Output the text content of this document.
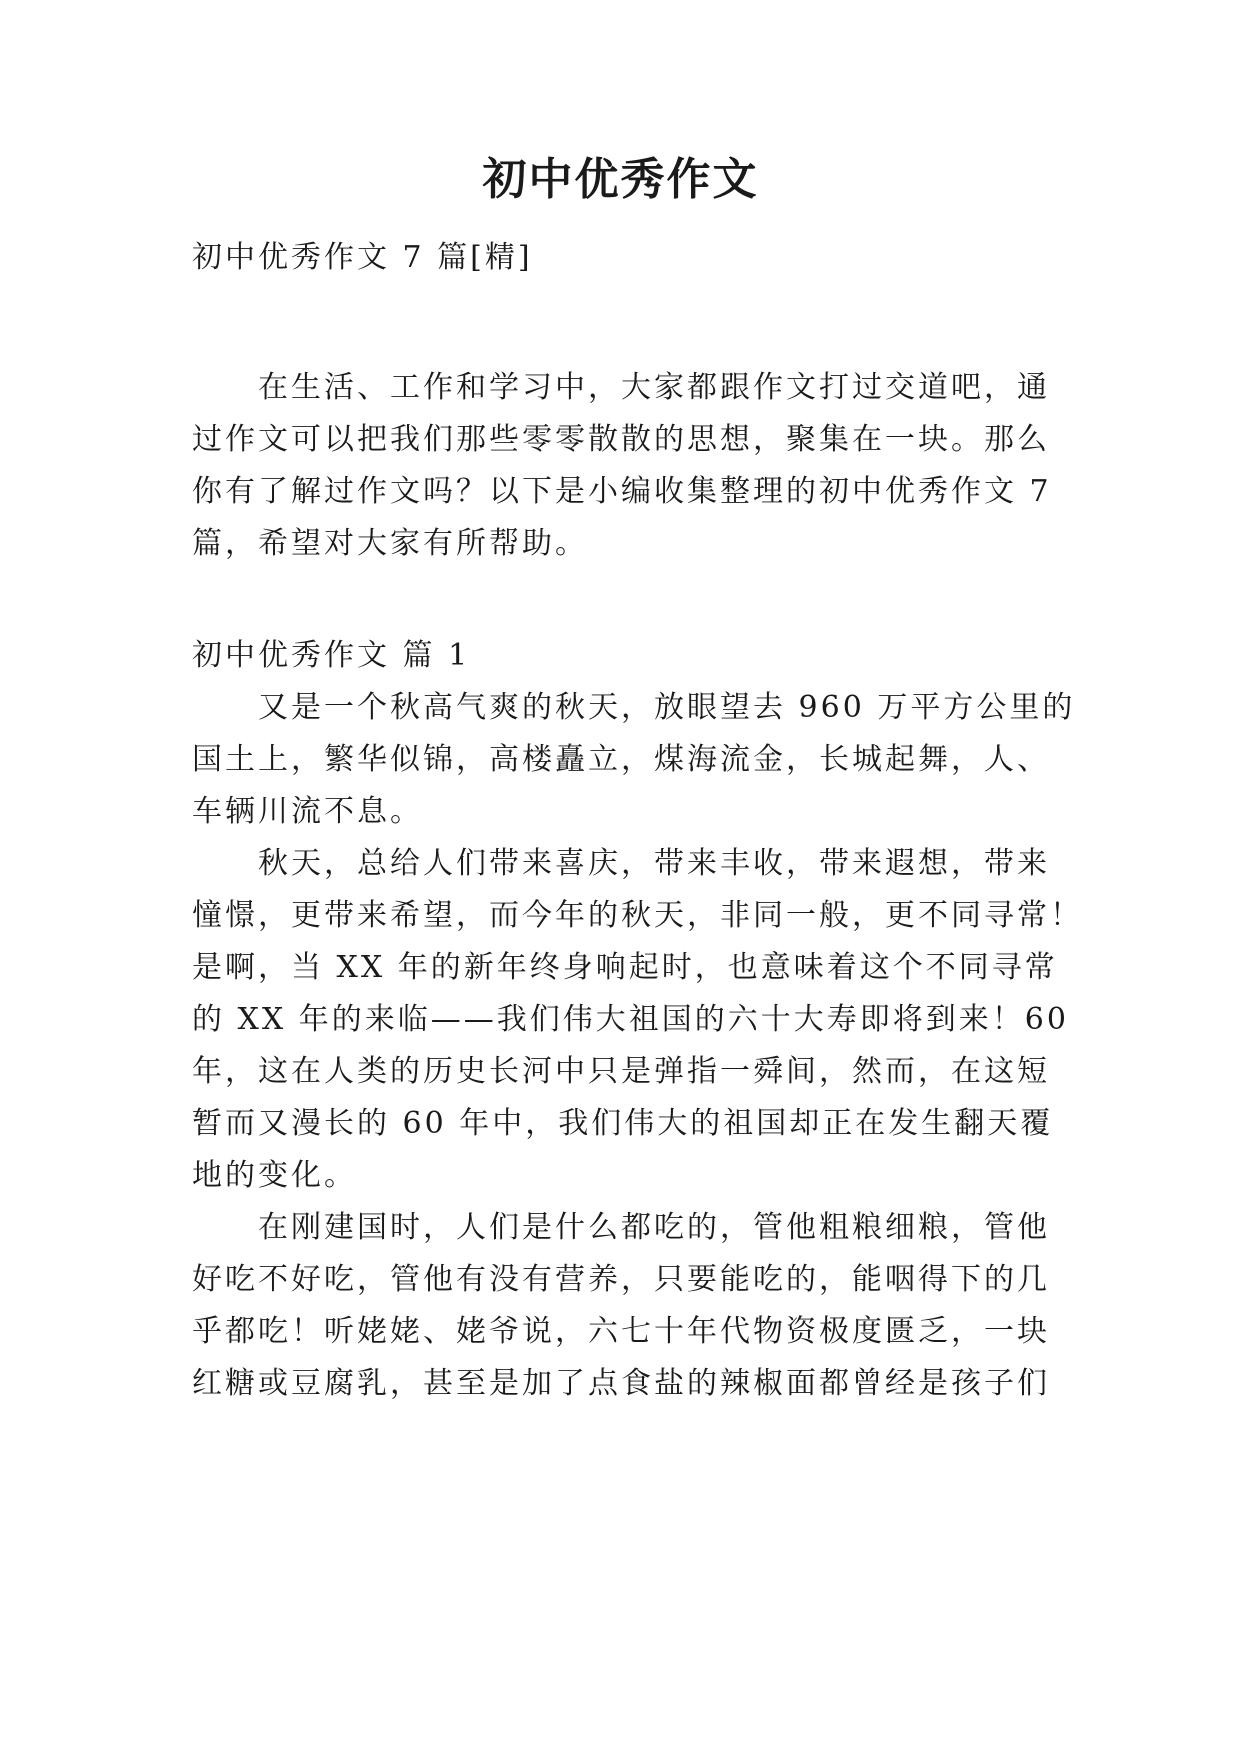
初中优秀作文
初中优秀作文 7 篇[精]
在生活、工作和学习中，大家都跟作文打过交道吧，通
过作文可以把我们那些零零散散的思想，聚集在一块。那么
你有了解过作文吗？以下是小编收集整理的初中优秀作文 7
篇，希望对大家有所帮助。
初中优秀作文 篇 1
又是一个秋高气爽的秋天，放眼望去 960 万平方公里的
国土上，繁华似锦，高楼矗立，煤海流金，长城起舞，人、
车辆川流不息。
秋天，总给人们带来喜庆，带来丰收，带来遐想，带来
憧憬，更带来希望，而今年的秋天，非同一般，更不同寻常！
是啊，当 XX 年的新年终身响起时，也意味着这个不同寻常
的 XX 年的来临——我们伟大祖国的六十大寿即将到来！60
年，这在人类的历史长河中只是弹指一舜间，然而，在这短
暂而又漫长的 60 年中，我们伟大的祖国却正在发生翻天覆
地的变化。
在刚建国时，人们是什么都吃的，管他粗粮细粮，管他
好吃不好吃，管他有没有营养，只要能吃的，能咽得下的几
乎都吃！听姥姥、姥爷说，六七十年代物资极度匮乏，一块
红糖或豆腐乳，甚至是加了点食盐的辣椒面都曾经是孩子们
